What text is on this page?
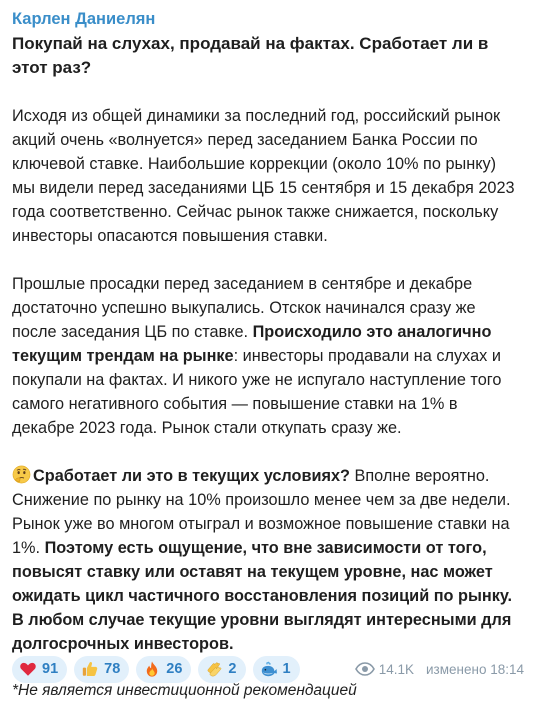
Карлен Даниелян
Покупай на слухах, продавай на фактах. Сработает ли в этот раз?
Исходя из общей динамики за последний год, российский рынок акций очень «волнуется» перед заседанием Банка России по ключевой ставке. Наибольшие коррекции (около 10% по рынку) мы видели перед заседаниями ЦБ 15 сентября и 15 декабря 2023 года соответственно. Сейчас рынок также снижается, поскольку инвесторы опасаются повышения ставки.
Прошлые просадки перед заседанием в сентябре и декабре достаточно успешно выкупались. Отскок начинался сразу же после заседания ЦБ по ставке. Происходило это аналогично текущим трендам на рынке: инвесторы продавали на слухах и покупали на фактах. И никого уже не испугало наступление того самого негативного события — повышение ставки на 1% в декабре 2023 года. Рынок стали откупать сразу же.
Сработает ли это в текущих условиях? Вполне вероятно. Снижение по рынку на 10% произошло менее чем за две недели. Рынок уже во многом отыграл и возможное повышение ставки на 1%. Поэтому есть ощущение, что вне зависимости от того, повысят ставку или оставят на текущем уровне, нас может ожидать цикл частичного восстановления позиций по рынку. В любом случае текущие уровни выглядят интересными для долгосрочных инвесторов.
*Не является инвестиционной рекомендацией
91	78	26	2	1	14.1K изменено 18:14
